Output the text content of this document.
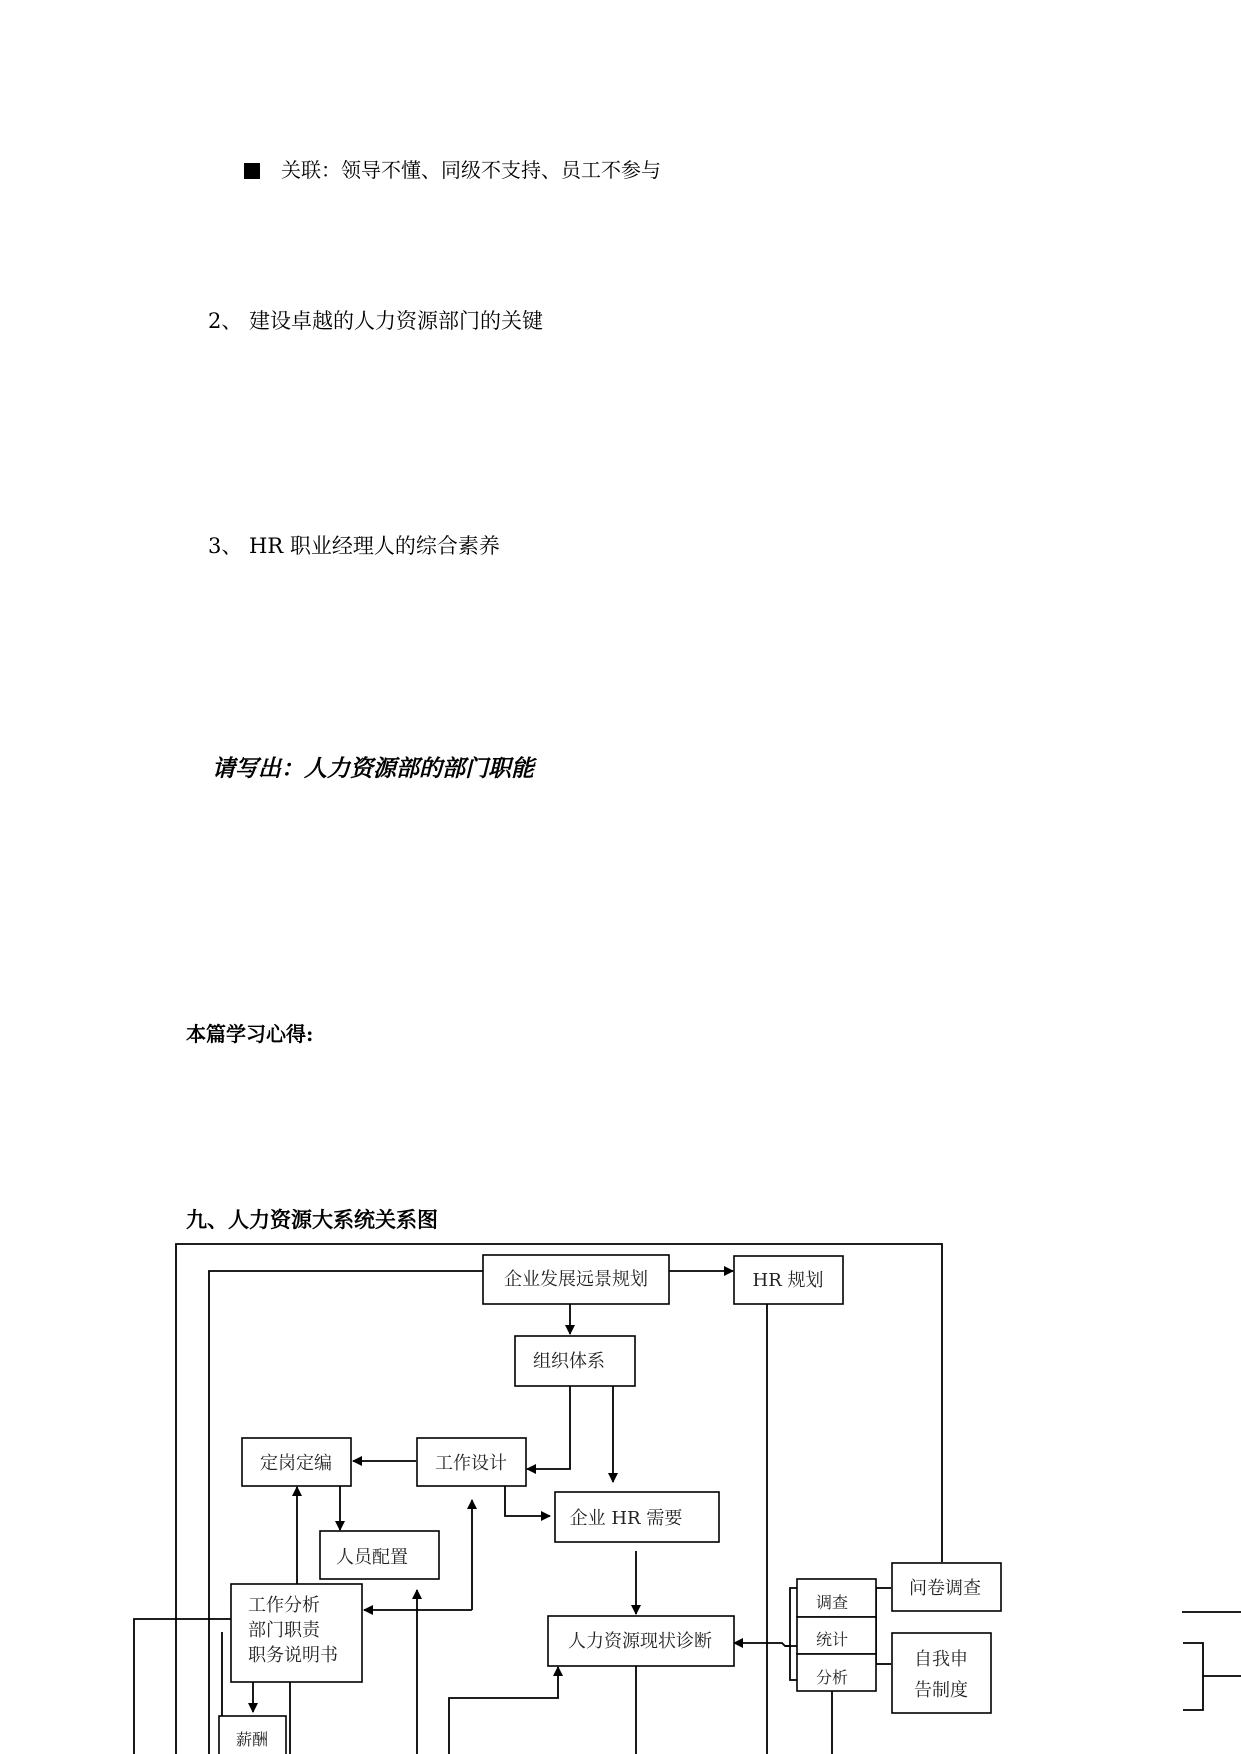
关联：领导不懂、同级不支持、员工不参与
2、 建设卓越的人力资源部门的关键
3、 HR 职业经理人的综合素养
请写出：人力资源部的部门职能
本篇学习心得:
九、人力资源大系统关系图
企业发展远景规划	HR 规划
组织体系
定岗定编	工作设计
企业 HR 需要
人员配置
工作分析
部门职责
职务说明书
人力资源现状诊断
调查
统计
分析
问卷调查
自我申
告制度
薪酬
